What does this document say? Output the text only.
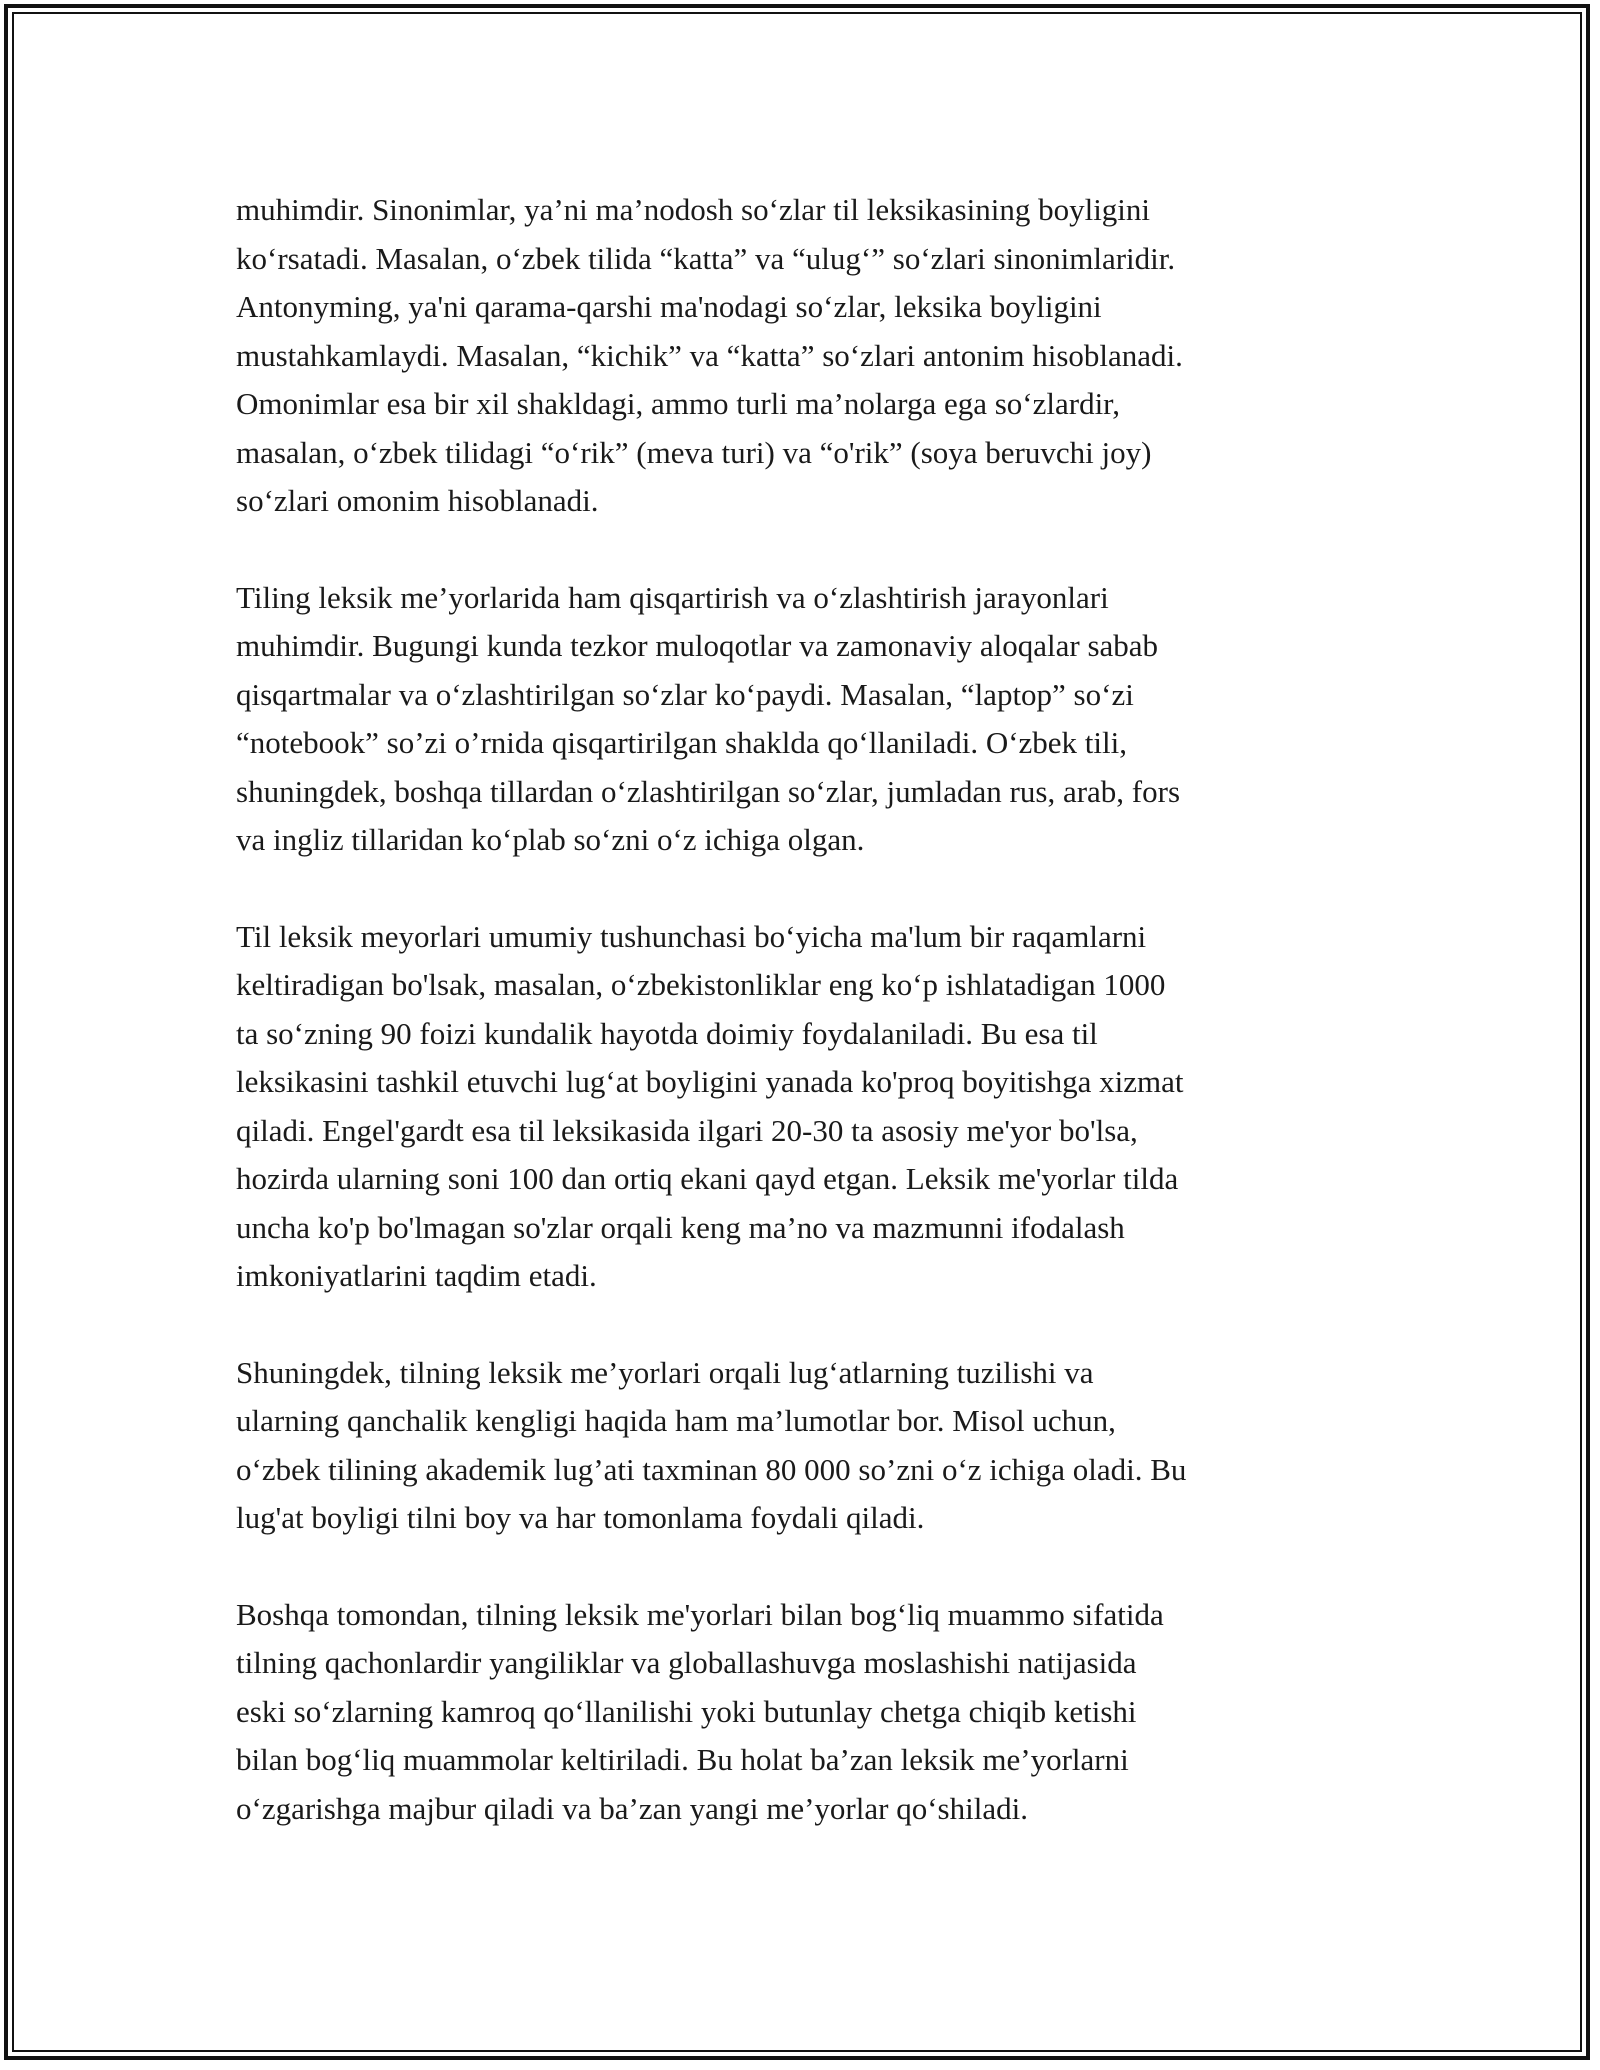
muhimdir. Sinonimlar, ya’ni ma’nodosh so‘zlar til leksikasining boyligini
ko‘rsatadi. Masalan, o‘zbek tilida “katta” va “ulug‘” so‘zlari sinonimlaridir.
Antonyming, ya'ni qarama-qarshi ma'nodagi so‘zlar, leksika boyligini
mustahkamlaydi. Masalan, “kichik” va “katta” so‘zlari antonim hisoblanadi.
Omonimlar esa bir xil shakldagi, ammo turli ma’nolarga ega so‘zlardir,
masalan, o‘zbek tilidagi “o‘rik” (meva turi) va “o'rik” (soya beruvchi joy)
so‘zlari omonim hisoblanadi.

Tiling leksik me’yorlarida ham qisqartirish va o‘zlashtirish jarayonlari
muhimdir. Bugungi kunda tezkor muloqotlar va zamonaviy aloqalar sabab
qisqartmalar va o‘zlashtirilgan so‘zlar ko‘paydi. Masalan, “laptop” so‘zi
“notebook” so’zi o’rnida qisqartirilgan shaklda qo‘llaniladi. O‘zbek tili,
shuningdek, boshqa tillardan o‘zlashtirilgan so‘zlar, jumladan rus, arab, fors
va ingliz tillaridan ko‘plab so‘zni o‘z ichiga olgan.

Til leksik meyorlari umumiy tushunchasi bo‘yicha ma'lum bir raqamlarni
keltiradigan bo'lsak, masalan, o‘zbekistonliklar eng ko‘p ishlatadigan 1000
ta so‘zning 90 foizi kundalik hayotda doimiy foydalaniladi. Bu esa til
leksikasini tashkil etuvchi lug‘at boyligini yanada ko'proq boyitishga xizmat
qiladi. Engel'gardt esa til leksikasida ilgari 20-30 ta asosiy me'yor bo'lsa,
hozirda ularning soni 100 dan ortiq ekani qayd etgan. Leksik me'yorlar tilda
uncha ko'p bo'lmagan so'zlar orqali keng ma’no va mazmunni ifodalash
imkoniyatlarini taqdim etadi.

Shuningdek, tilning leksik me’yorlari orqali lug‘atlarning tuzilishi va
ularning qanchalik kengligi haqida ham ma’lumotlar bor. Misol uchun,
o‘zbek tilining akademik lug’ati taxminan 80 000 so’zni o‘z ichiga oladi. Bu
lug'at boyligi tilni boy va har tomonlama foydali qiladi.

Boshqa tomondan, tilning leksik me'yorlari bilan bog‘liq muammo sifatida
tilning qachonlardir yangiliklar va globallashuvga moslashishi natijasida
eski so‘zlarning kamroq qo‘llanilishi yoki butunlay chetga chiqib ketishi
bilan bog‘liq muammolar keltiriladi. Bu holat ba’zan leksik me’yorlarni
o‘zgarishga majbur qiladi va ba’zan yangi me’yorlar qo‘shiladi.
